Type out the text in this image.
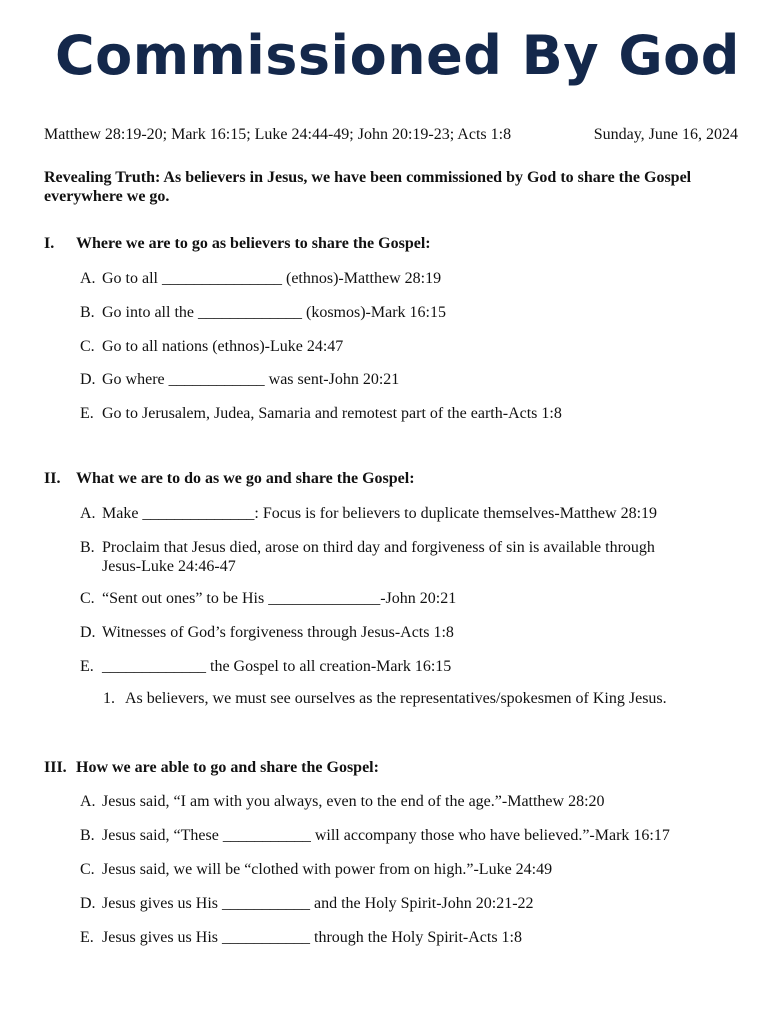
Commissioned By God
Matthew 28:19-20; Mark 16:15; Luke 24:44-49; John 20:19-23; Acts 1:8	Sunday, June 16, 2024

Revealing Truth: As believers in Jesus, we have been commissioned by God to share the Gospel everywhere we go.

I. Where we are to go as believers to share the Gospel:
A. Go to all _______________ (ethnos)-Matthew 28:19
B. Go into all the _____________ (kosmos)-Mark 16:15
C. Go to all nations (ethnos)-Luke 24:47
D. Go where ____________ was sent-John 20:21
E. Go to Jerusalem, Judea, Samaria and remotest part of the earth-Acts 1:8
II. What we are to do as we go and share the Gospel:
A. Make ______________: Focus is for believers to duplicate themselves-Matthew 28:19
B. Proclaim that Jesus died, arose on third day and forgiveness of sin is available through
Jesus-Luke 24:46-47
C. “Sent out ones” to be His ______________-John 20:21
D. Witnesses of God’s forgiveness through Jesus-Acts 1:8
E. _____________ the Gospel to all creation-Mark 16:15
1. As believers, we must see ourselves as the representatives/spokesmen of King Jesus.
III. How we are able to go and share the Gospel:
A. Jesus said, “I am with you always, even to the end of the age.”-Matthew 28:20
B. Jesus said, “These ___________ will accompany those who have believed.”-Mark 16:17
C. Jesus said, we will be “clothed with power from on high.”-Luke 24:49
D. Jesus gives us His ___________ and the Holy Spirit-John 20:21-22
E. Jesus gives us His ___________ through the Holy Spirit-Acts 1:8
